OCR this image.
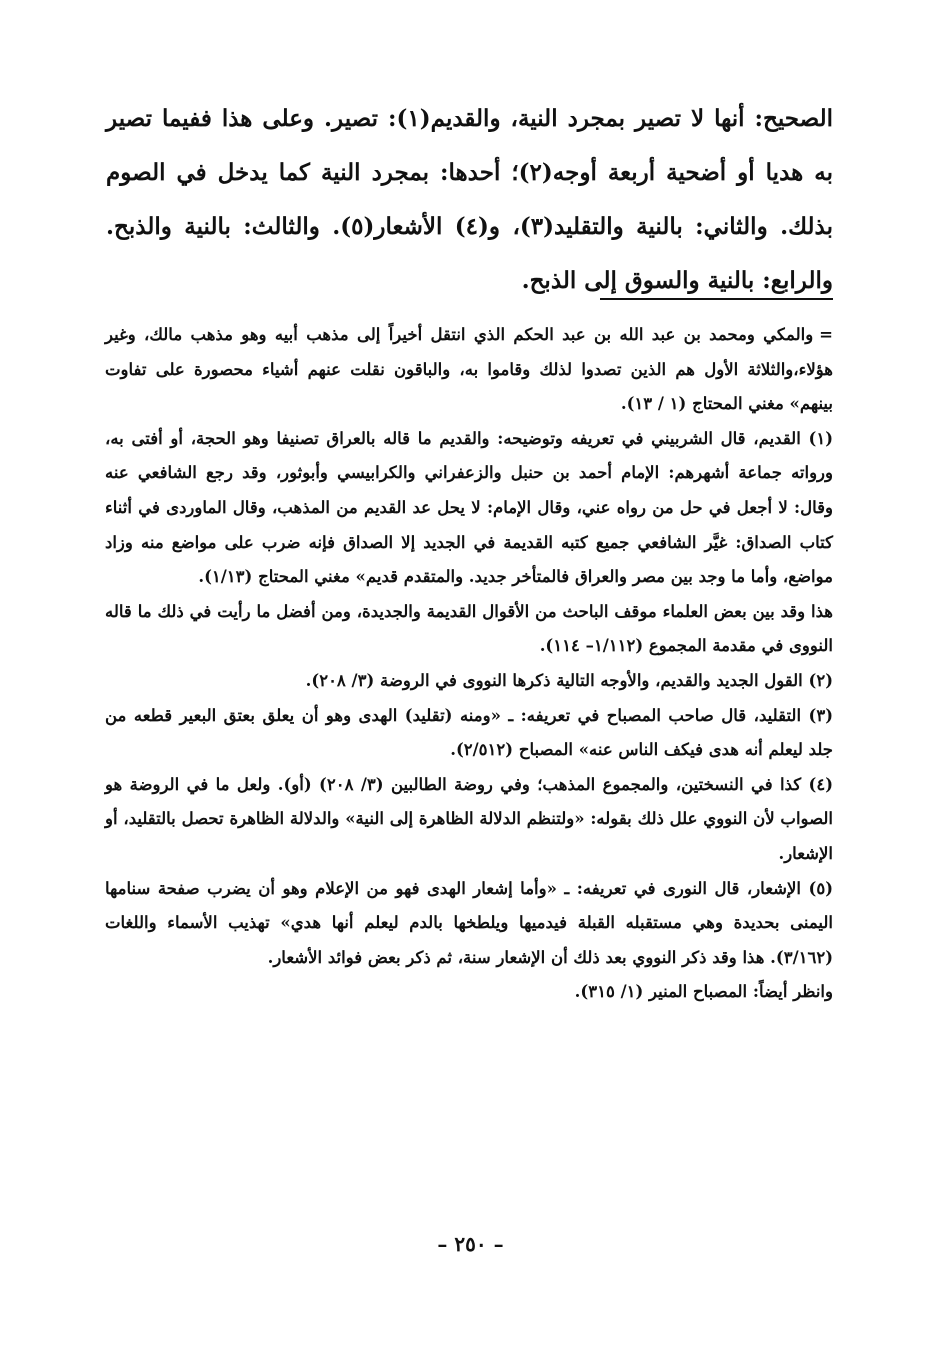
الصحيح: أنها لا تصير بمجرد النية، والقديم(١): تصير. وعلى هذا ففيما تصير به هديا أو أضحية أربعة أوجه(٢)؛ أحدها: بمجرد النية كما يدخل في الصوم بذلك. والثاني: بالنية والتقليد(٣)، و(٤) الأشعار(٥). والثالث: بالنية والذبح. والرابع: بالنية والسوق إلى الذبح.

=والمكي ومحمد بن عبد الله بن عبد الحكم الذي انتقل أخيراً إلى مذهب أبيه وهو مذهب مالك، وغير هؤلاء،والثلاثة الأول هم الذين تصدوا لذلك وقاموا به، والباقون نقلت عنهم أشياء محصورة على تفاوت بينهم» مغني المحتاج (١ / ١٣).

(١) القديم، قال الشربيني في تعريفه وتوضيحه: والقديم ما قاله بالعراق تصنيفا وهو الحجة، أو أفتى به، ورواته جماعة أشهرهم: الإمام أحمد بن حنبل والزعفراني والكرابيسي وأبوثور، وقد رجع الشافعي عنه وقال: لا أجعل في حل من رواه عني، وقال الإمام: لا يحل عد القديم من المذهب، وقال الماوردى في أثناء كتاب الصداق: غيَّر الشافعي جميع كتبه القديمة في الجديد إلا الصداق فإنه ضرب على مواضع منه وزاد مواضع، وأما ما وجد بين مصر والعراق فالمتأخر جديد. والمتقدم قديم» مغني المحتاج (١/١٣).

هذا وقد بين بعض العلماء موقف الباحث من الأقوال القديمة والجديدة، ومن أفضل ما رأيت في ذلك ما قاله النووى في مقدمة المجموع (١/١١٢– ١١٤).

(٢) القول الجديد والقديم، والأوجه التالية ذكرها النووى في الروضة (٣/ ٢٠٨).

(٣) التقليد، قال صاحب المصباح في تعريفه: ـ «ومنه (تقليد) الهدى وهو أن يعلق بعتق البعير قطعه من جلد ليعلم أنه هدى فيكف الناس عنه» المصباح (٢/٥١٢).

(٤) كذا في النسختين، والمجموع المذهب؛ وفي روضة الطالبين (٣/ ٢٠٨) (أو). ولعل ما في الروضة هو الصواب لأن النووي علل ذلك بقوله: «ولتنظم الدلالة الظاهرة إلى النية» والدلالة الظاهرة تحصل بالتقليد، أو الإشعار.

(٥) الإشعار، قال النورى في تعريفه: ـ «وأما إشعار الهدى فهو من الإعلام وهو أن يضرب صفحة سنامها اليمنى بحديدة وهي مستقبله القبلة فيدميها ويلطخها بالدم ليعلم أنها هدي» تهذيب الأسماء واللغات (٣/١٦٢). هذا وقد ذكر النووي بعد ذلك أن الإشعار سنة، ثم ذكر بعض فوائد الأشعار.

وانظر أيضاً: المصباح المنير (١/ ٣١٥).

– ٢٥٠ –
